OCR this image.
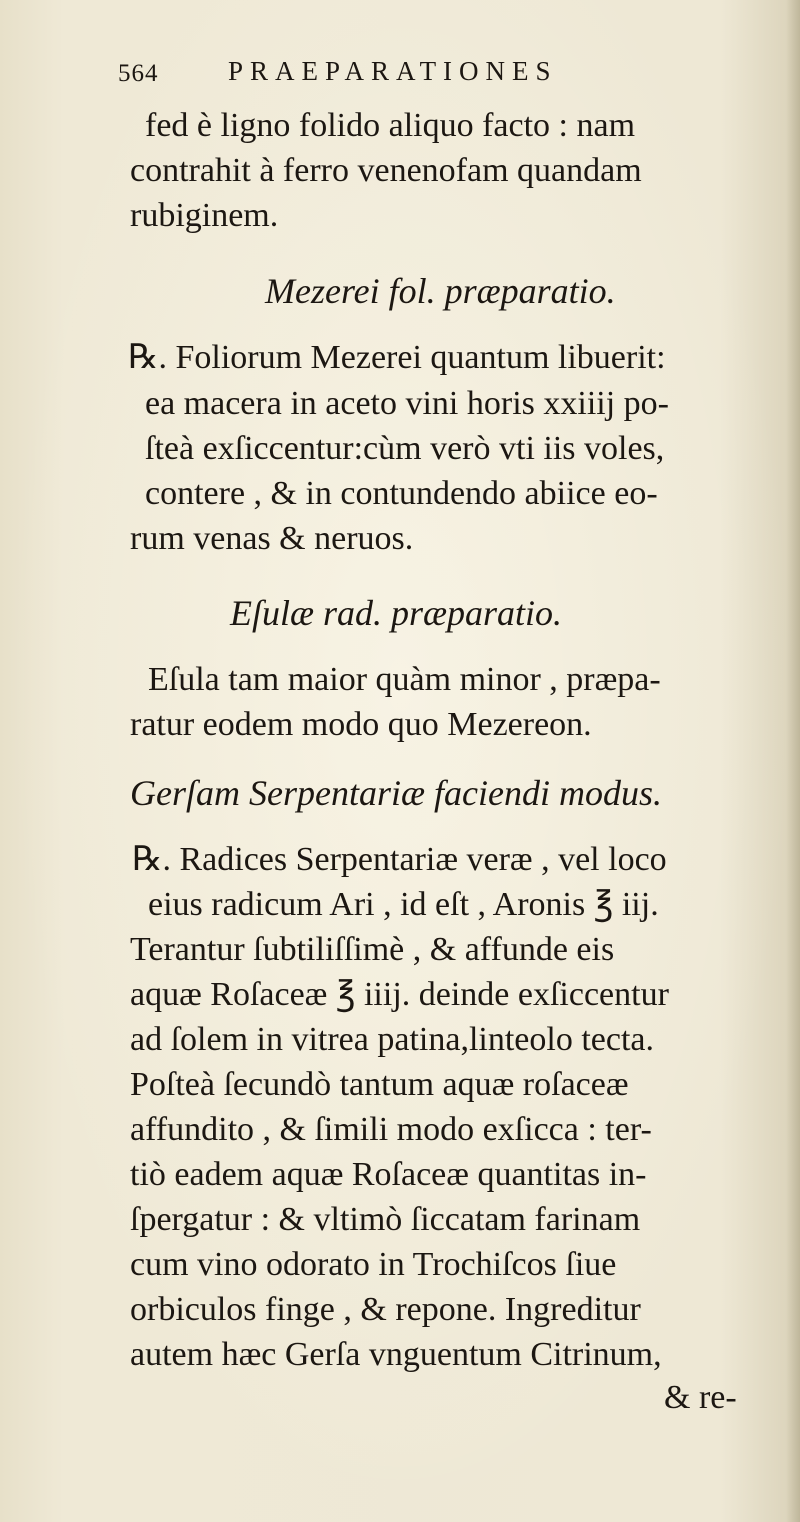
564	PRAEPARATIONES
fed è ligno folido aliquo facto : nam
contrahit à ferro venenofam quandam
rubiginem.
Mezerei fol. præparatio.
℞. Foliorum Mezerei quantum libuerit:
ea macera in aceto vini horis xxiiij po-
ſteà exſiccentur:cùm verò vti iis voles,
contere , & in contundendo abiice eo-
rum venas & neruos.
Eſulæ rad. præparatio.
Eſula tam maior quàm minor , præpa-
ratur eodem modo quo Mezereon.
Gerſam Serpentariæ faciendi modus.
℞. Radices Serpentariæ veræ , vel loco
eius radicum Ari , id eſt , Aronis ℥ iij.
Terantur ſubtiliſſimè , & affunde eis
aquæ Roſaceæ ℥ iiij. deinde exſiccentur
ad ſolem in vitrea patina,linteolo tecta.
Poſteà ſecundò tantum aquæ roſaceæ
affundito , & ſimili modo exſicca : ter-
tiò eadem aquæ Roſaceæ quantitas in-
ſpergatur : & vltimò ſiccatam farinam
cum vino odorato in Trochiſcos ſiue
orbiculos finge , & repone. Ingreditur
autem hæc Gerſa vnguentum Citrinum,
& re-
